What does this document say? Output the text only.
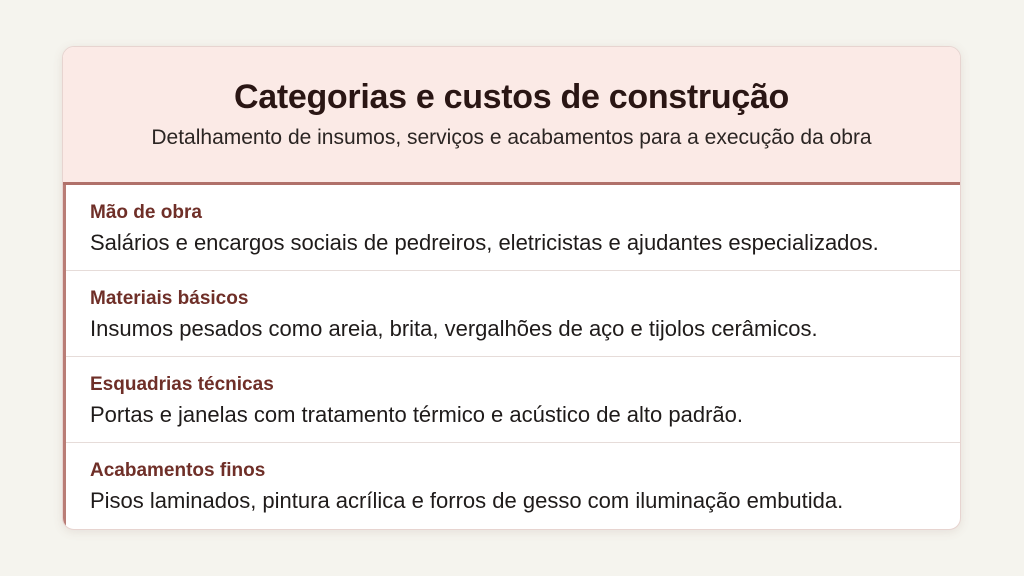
Categorias e custos de construção
Detalhamento de insumos, serviços e acabamentos para a execução da obra
Mão de obra
Salários e encargos sociais de pedreiros, eletricistas e ajudantes especializados.
Materiais básicos
Insumos pesados como areia, brita, vergalhões de aço e tijolos cerâmicos.
Esquadrias técnicas
Portas e janelas com tratamento térmico e acústico de alto padrão.
Acabamentos finos
Pisos laminados, pintura acrílica e forros de gesso com iluminação embutida.
